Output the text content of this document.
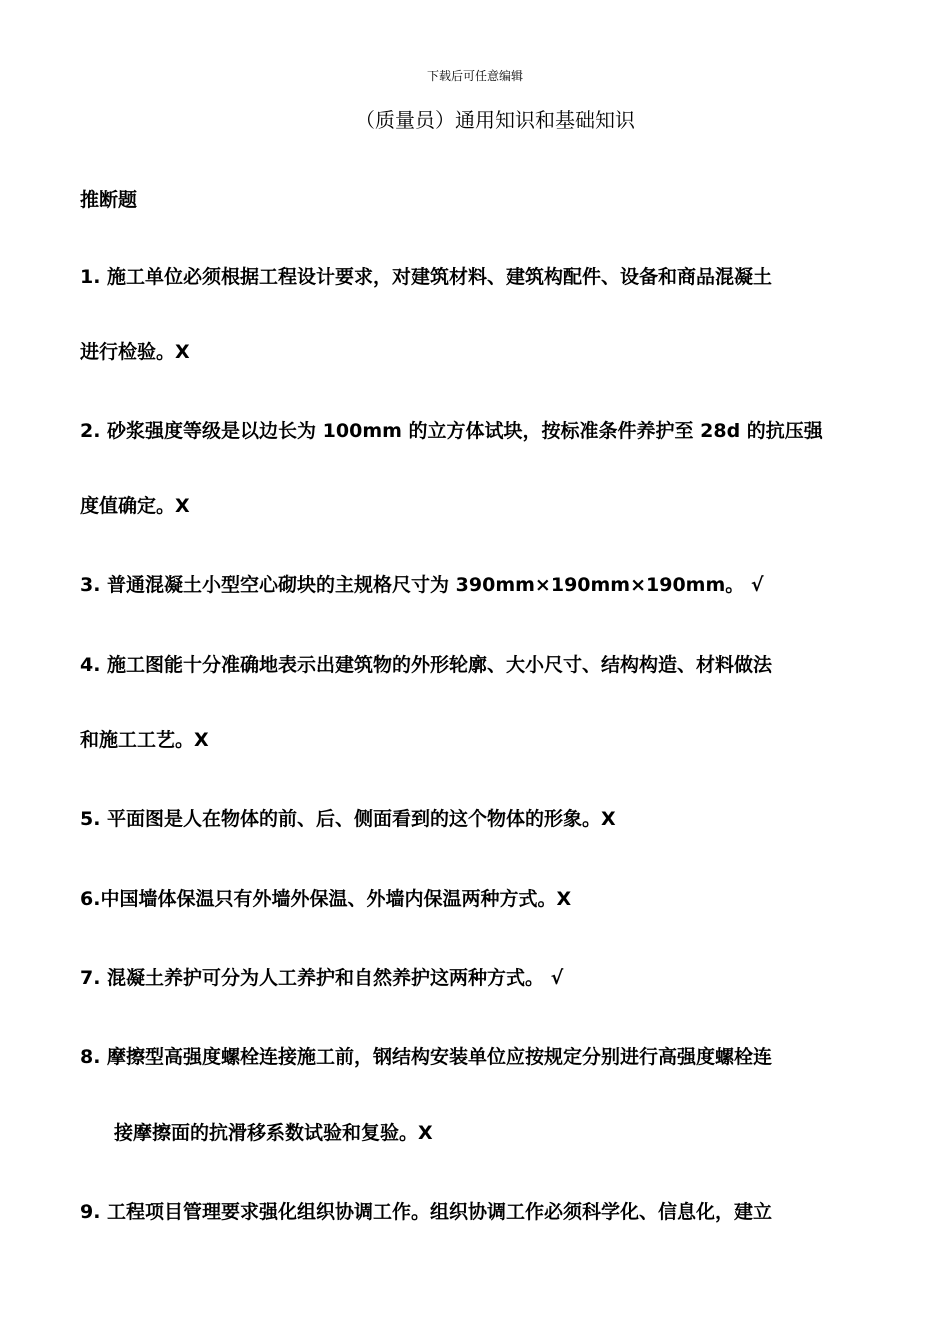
下载后可任意编辑
（质量员）通用知识和基础知识
推断题
1. 施工单位必须根据工程设计要求，对建筑材料、建筑构配件、设备和商品混凝土
进行检验。X
2. 砂浆强度等级是以边长为 100mm 的立方体试块，按标准条件养护至 28d 的抗压强
度值确定。X
3. 普通混凝土小型空心砌块的主规格尺寸为 390mm×190mm×190mm。 √
4. 施工图能十分准确地表示出建筑物的外形轮廓、大小尺寸、结构构造、材料做法
和施工工艺。X
5. 平面图是人在物体的前、后、侧面看到的这个物体的形象。X
6.中国墙体保温只有外墙外保温、外墙内保温两种方式。X
7. 混凝土养护可分为人工养护和自然养护这两种方式。 √
8. 摩擦型高强度螺栓连接施工前，钢结构安装单位应按规定分别进行高强度螺栓连
接摩擦面的抗滑移系数试验和复验。X
9. 工程项目管理要求强化组织协调工作。组织协调工作必须科学化、信息化，建立
